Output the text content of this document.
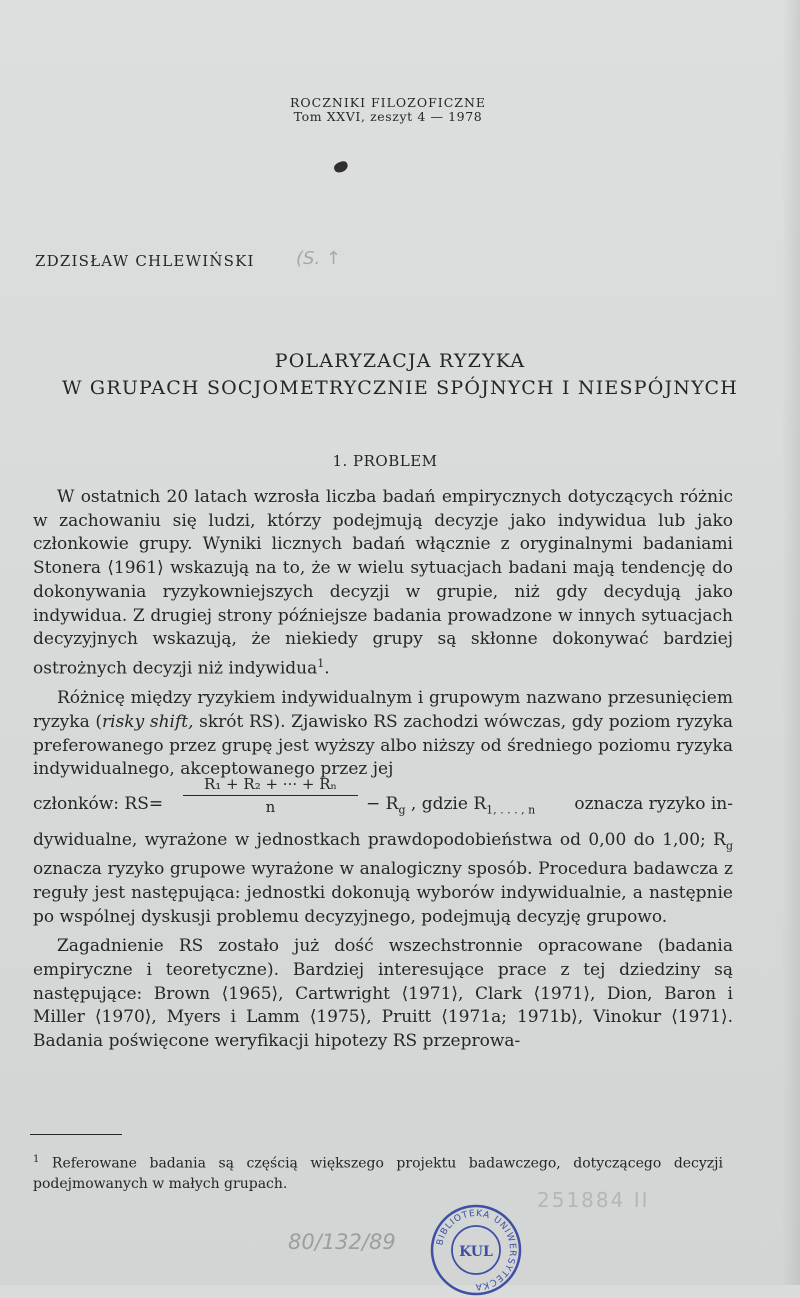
ROCZNIKI FILOZOFICZNE
Tom XXVI, zeszyt 4 — 1978
ZDZISŁAW CHLEWIŃSKI (S. ↑
POLARYZACJA RYZYKA
W GRUPACH SOCJOMETRYCZNIE SPÓJNYCH I NIESPÓJNYCH
1. PROBLEM

W ostatnich 20 latach wzrosła liczba badań empirycznych dotyczących różnic w zachowaniu się ludzi, którzy podejmują decyzje jako indywidua lub jako członkowie grupy. Wyniki licznych badań włącznie z oryginalnymi badaniami Stonera ⟨1961⟩ wskazują na to, że w wielu sytuacjach badani mają tendencję do dokonywania ryzykowniejszych decyzji w grupie, niż gdy decydują jako indywidua. Z drugiej strony późniejsze badania prowadzone w innych sytuacjach decyzyjnych wskazują, że niekiedy grupy są skłonne dokonywać bardziej ostrożnych decyzji niż indywidua$^1$.

Różnicę między ryzykiem indywidualnym i grupowym nazwano przesunięciem ryzyka (risky shift, skrót RS). Zjawisko RS zachodzi wówczas, gdy poziom ryzyka preferowanego przez grupę jest wyższy albo niższy od średniego poziomu ryzyka indywidualnego, akceptowanego przez jej

członków: $RS= \frac{\text{R₁ + R₂ + ··· + Rₙ}}{n} - R_g$ , gdzie $R_{1, . . . , n}$	oznacza ryzyko in-

dywidualne, wyrażone w jednostkach prawdopodobieństwa od 0,00 do 1,00; $R_g$ oznacza ryzyko grupowe wyrażone w analogiczny sposób. Procedura badawcza z reguły jest następująca: jednostki dokonują wyborów indywidualnie, a następnie po wspólnej dyskusji problemu decyzyjnego, podejmują decyzję grupowo.

Zagadnienie RS zostało już dość wszechstronnie opracowane (badania empiryczne i teoretyczne). Bardziej interesujące prace z tej dziedziny są następujące: Brown ⟨1965⟩, Cartwright ⟨1971⟩, Clark ⟨1971⟩, Dion, Baron i Miller ⟨1970⟩, Myers i Lamm ⟨1975⟩, Pruitt ⟨1971a; 1971b⟩, Vinokur ⟨1971⟩. Badania poświęcone weryfikacji hipotezy RS przeprowa-

$^1$ Referowane badania są częścią większego projektu badawczego, dotyczącego decyzji podejmowanych w małych grupach.
251884 II
80/132/89	KUL
BIBLIOTEKA UNIWERSYTECKA
